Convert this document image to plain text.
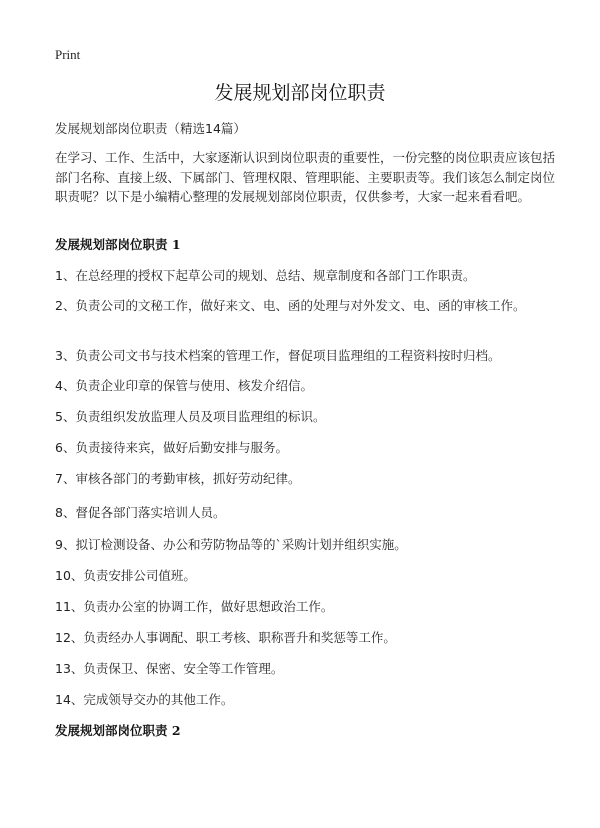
Print
发展规划部岗位职责
发展规划部岗位职责（精选14篇）

在学习、工作、生活中，大家逐渐认识到岗位职责的重要性，一份完整的岗位职责应该包括部门名称、直接上级、下属部门、管理权限、管理职能、主要职责等。我们该怎么制定岗位职责呢？以下是小编精心整理的发展规划部岗位职责，仅供参考，大家一起来看看吧。

发展规划部岗位职责 1
1、在总经理的授权下起草公司的规划、总结、规章制度和各部门工作职责。
2、负责公司的文秘工作，做好来文、电、函的处理与对外发文、电、函的审核工作。
3、负责公司文书与技术档案的管理工作，督促项目监理组的工程资料按时归档。
4、负责企业印章的保管与使用、核发介绍信。
5、负责组织发放监理人员及项目监理组的标识。
6、负责接待来宾，做好后勤安排与服务。
7、审核各部门的考勤审核，抓好劳动纪律。
8、督促各部门落实培训人员。
9、拟订检测设备、办公和劳防物品等的`采购计划并组织实施。
10、负责安排公司值班。
11、负责办公室的协调工作，做好思想政治工作。
12、负责经办人事调配、职工考核、职称晋升和奖惩等工作。
13、负责保卫、保密、安全等工作管理。
14、完成领导交办的其他工作。
发展规划部岗位职责 2
